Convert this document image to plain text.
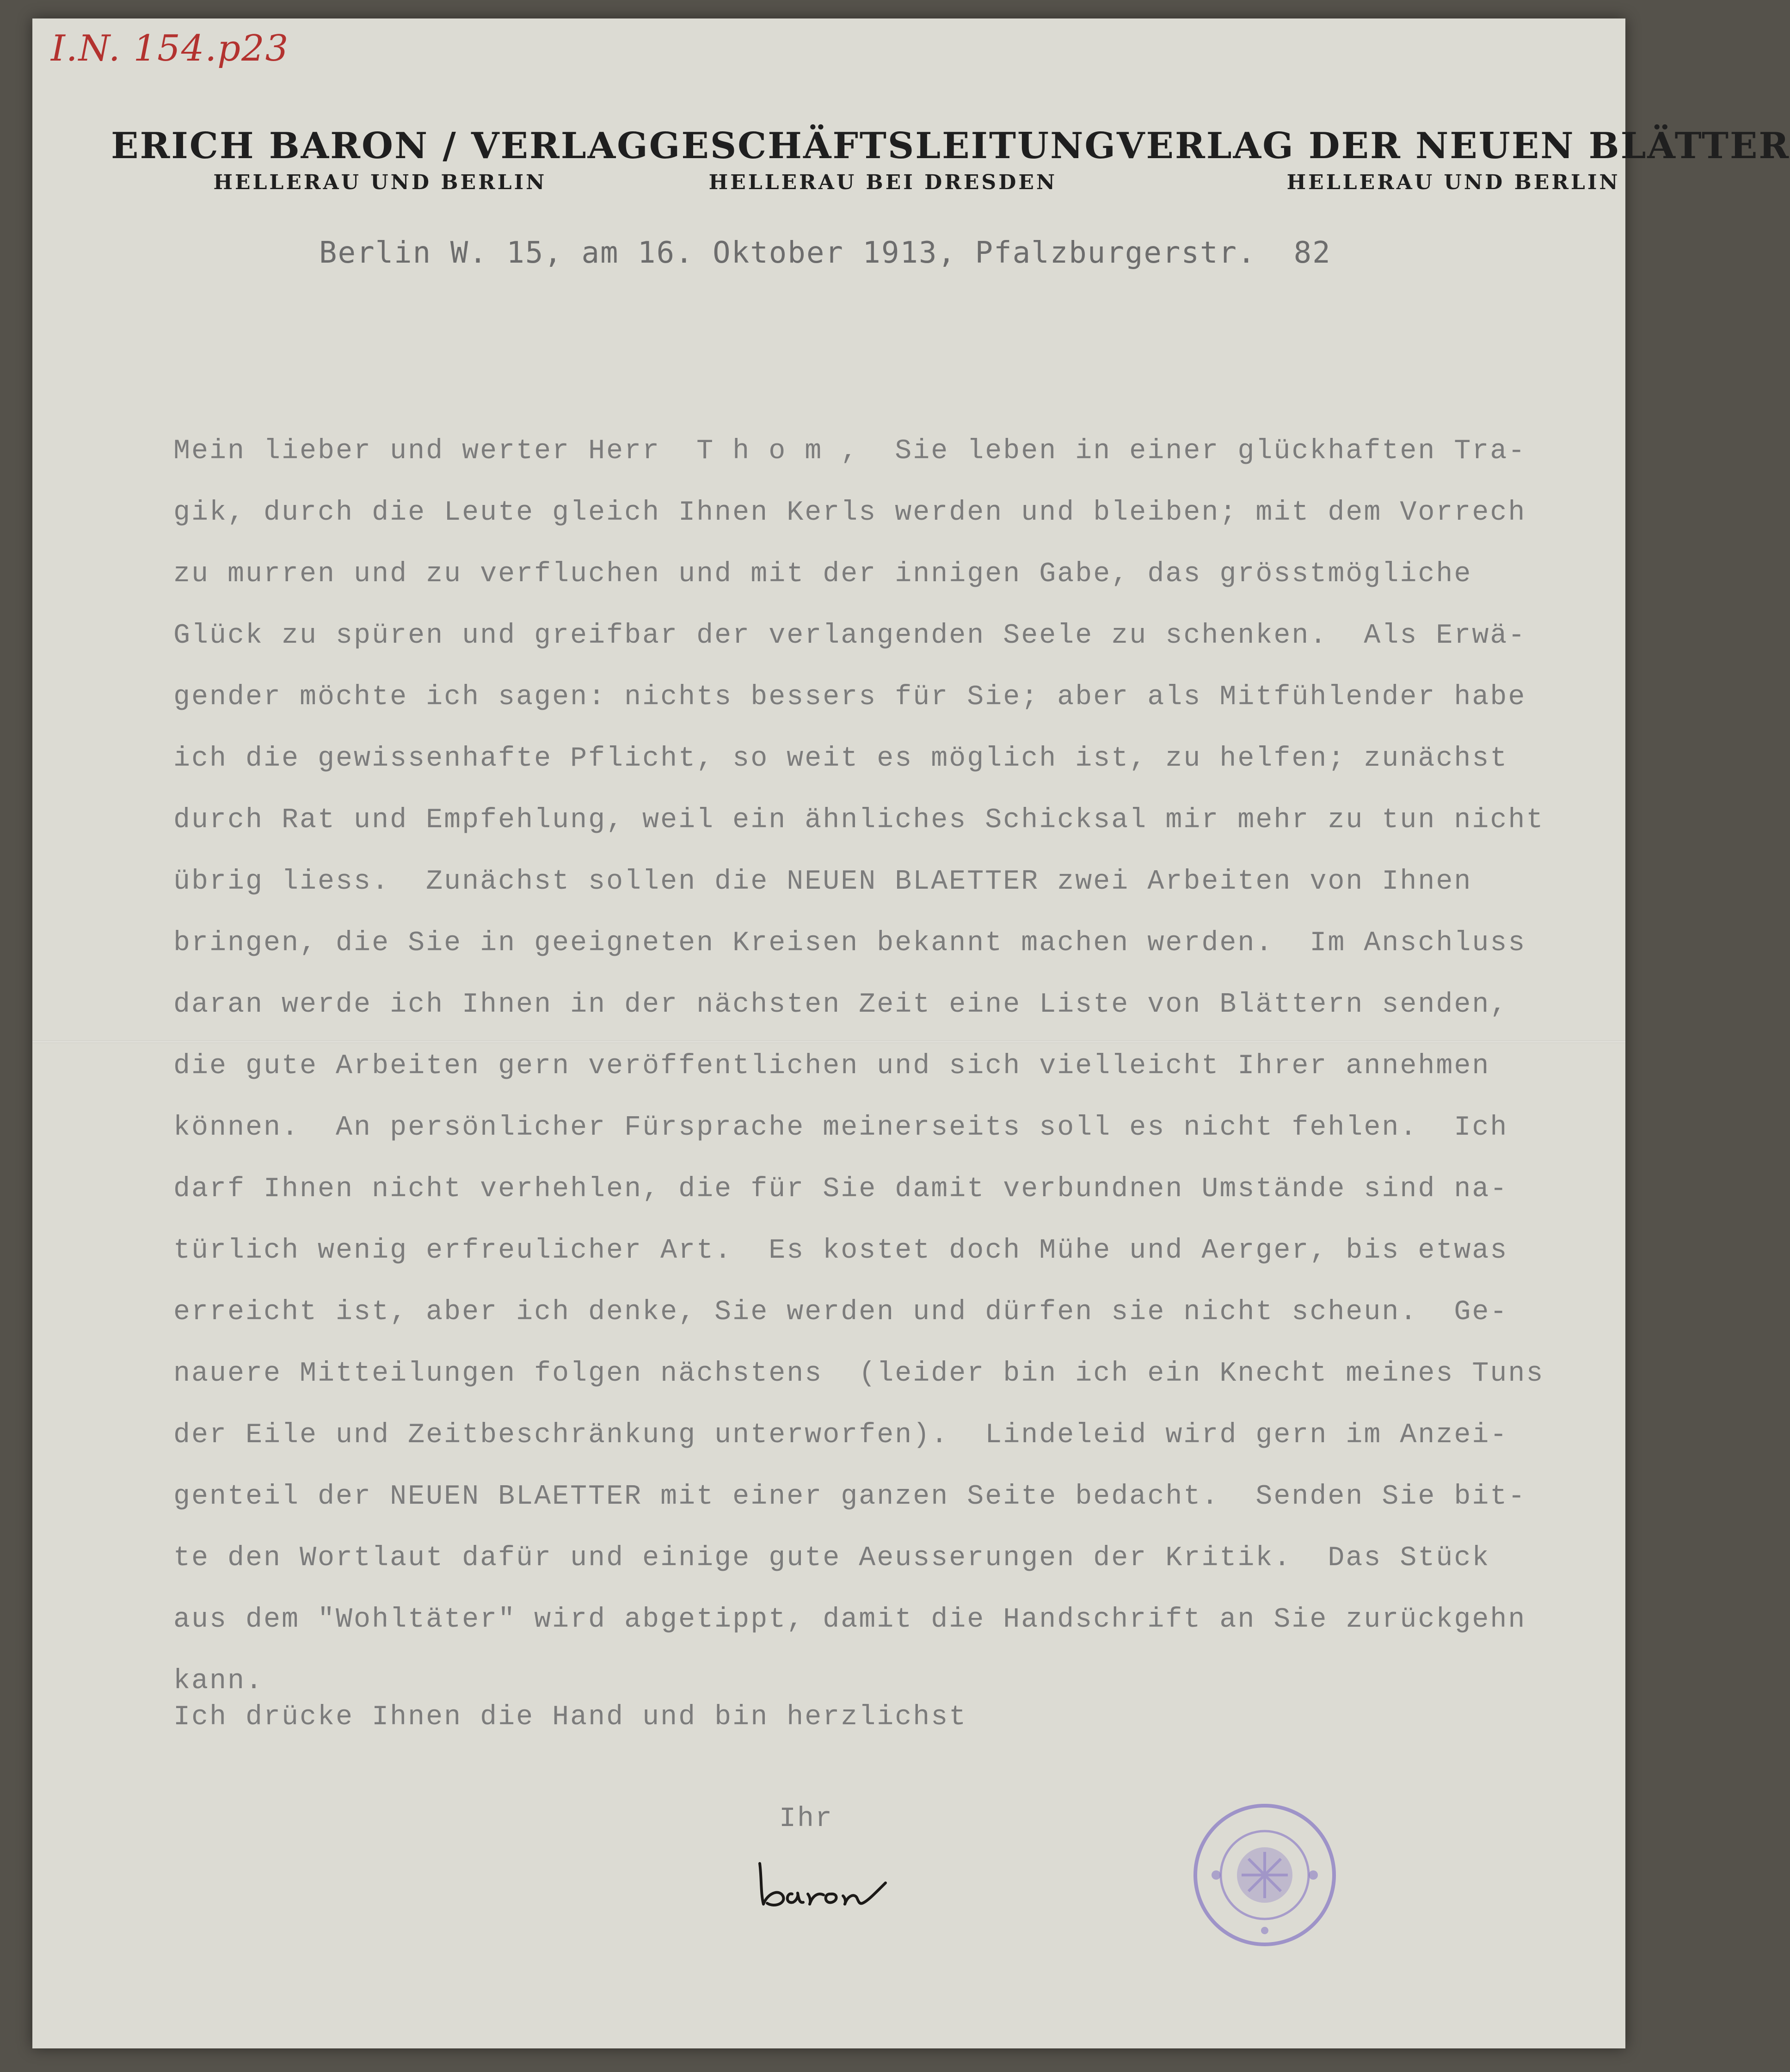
I.N. 154.p23
ERICH BARON / VERLAG
HELLERAU UND BERLIN
GESCHÄFTSLEITUNG
HELLERAU BEI DRESDEN
VERLAG DER NEUEN BLÄTTER
HELLERAU UND BERLIN
Berlin W. 15, am 16. Oktober 1913, Pfalzburgerstr.  82
Mein lieber und werter Herr  T h o m ,  Sie leben in einer glückhaften Tra-
gik, durch die Leute gleich Ihnen Kerls werden und bleiben; mit dem Vorrech
zu murren und zu verfluchen und mit der innigen Gabe, das grösstmögliche
Glück zu spüren und greifbar der verlangenden Seele zu schenken.  Als Erwä-
gender möchte ich sagen: nichts bessers für Sie; aber als Mitfühlender habe
ich die gewissenhafte Pflicht, so weit es möglich ist, zu helfen; zunächst
durch Rat und Empfehlung, weil ein ähnliches Schicksal mir mehr zu tun nicht
übrig liess.  Zunächst sollen die NEUEN BLAETTER zwei Arbeiten von Ihnen
bringen, die Sie in geeigneten Kreisen bekannt machen werden.  Im Anschluss
daran werde ich Ihnen in der nächsten Zeit eine Liste von Blättern senden,
die gute Arbeiten gern veröffentlichen und sich vielleicht Ihrer annehmen
können.  An persönlicher Fürsprache meinerseits soll es nicht fehlen.  Ich
darf Ihnen nicht verhehlen, die für Sie damit verbundnen Umstände sind na-
türlich wenig erfreulicher Art.  Es kostet doch Mühe und Aerger, bis etwas
erreicht ist, aber ich denke, Sie werden und dürfen sie nicht scheun.  Ge-
nauere Mitteilungen folgen nächstens  (leider bin ich ein Knecht meines Tuns
der Eile und Zeitbeschränkung unterworfen).  Lindeleid wird gern im Anzei-
genteil der NEUEN BLAETTER mit einer ganzen Seite bedacht.  Senden Sie bit-
te den Wortlaut dafür und einige gute Aeusserungen der Kritik.  Das Stück
aus dem "Wohltäter" wird abgetippt, damit die Handschrift an Sie zurückgehn
kann.
Ich drücke Ihnen die Hand und bin herzlichst
Ihr
